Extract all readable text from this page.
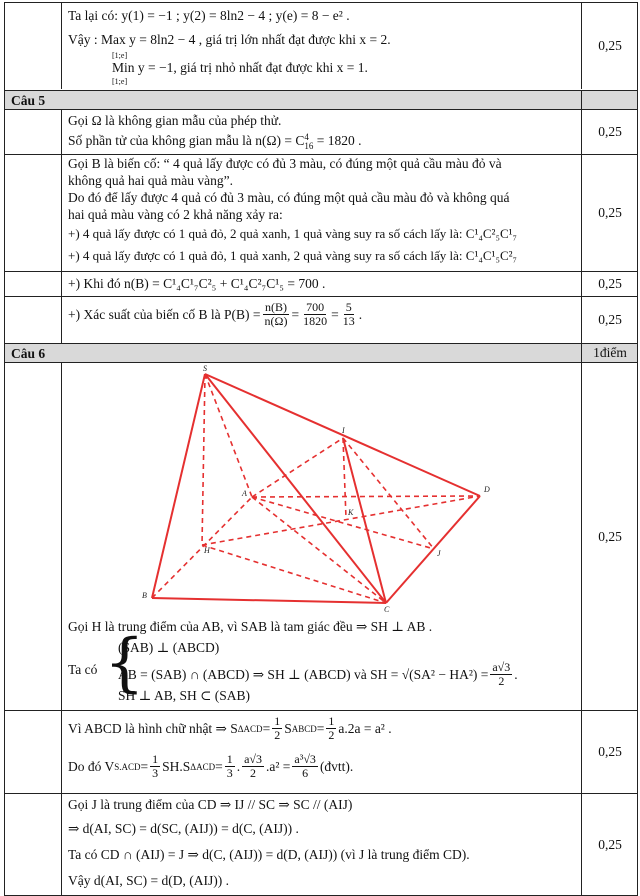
Ta lại có: y(1) = −1 ; y(2) = 8ln2 − 4 ; y(e) = 8 − e² .
Vậy : Max y = 8ln2 − 4 , giá trị lớn nhất đạt được khi x = 2.
[1;e]
Min y = −1, giá trị nhỏ nhất đạt được khi x = 1.
[1;e]
0,25
Câu 5
Gọi Ω là không gian mẫu của phép thử.
Số phần tử của không gian mẫu là n(Ω) = C 4
16 = 1820 .
0,25
Gọi B là biến cố: “ 4 quả lấy được có đủ 3 màu, có đúng một quả cầu màu đỏ và
không quả hai quả màu vàng”.
Do đó để lấy được 4 quả có đủ 3 màu, có đúng một quả cầu màu đỏ và không quá
hai quả màu vàng có 2 khả năng xảy ra:
+) 4 quả lấy được có 1 quả đỏ, 2 quả xanh, 1 quả vàng suy ra số cách lấy là: C¹₄C²₅C¹₇
+) 4 quả lấy được có 1 quả đỏ, 1 quả xanh, 2 quả vàng suy ra số cách lấy là: C¹₄C¹₅C²₇
0,25
+) Khi đó n(B) = C¹₄C¹₇C²₅ + C¹₄C²₇C¹₅ = 700 .	0,25
+) Xác suất của biến cố B là $P(B) = \frac{n(B)}{n(\Omega)} = \frac{700}{1820} = \frac{5}{13}$ .	0,25
Câu 6	1điểm
S
I
A	D
K
H	J
B
C
Gọi H là trung điểm của AB, vì SAB là tam giác đều ⇒ SH ⊥ AB .
Ta có {
(SAB) ⊥ (ABCD)
AB = (SAB) ∩ (ABCD) ⇒ SH ⊥ (ABCD) và SH = $√(SA^2 - HA^2) = \frac{a√3}{2}$ .
SH ⊥ AB, SH ⊂ (SAB)
0,25
Vì ABCD là hình chữ nhật ⇒ S $\Delta ACD = \frac{1}{2}$ S ABCD = $\frac{1}{2} a.2a = a^2$ .
Do đó V $S.ACD = \frac{1}{3} SH.S$ $\Delta ACD = \frac{1}{3}$ . $\frac{a√3}{2} .a^2 = \frac{\text{a³√3}}{6}$ (đvtt).
0,25
Gọi J là trung điểm của CD ⇒ IJ // SC ⇒ SC // (AIJ)
⇒ d(AI, SC) = d(SC, (AIJ)) = d(C, (AIJ)) .
Ta có CD ∩ (AIJ) = J ⇒ d(C, (AIJ)) = d(D, (AIJ)) (vì J là trung điểm CD).
Vậy d(AI, SC) = d(D, (AIJ)) .
0,25
